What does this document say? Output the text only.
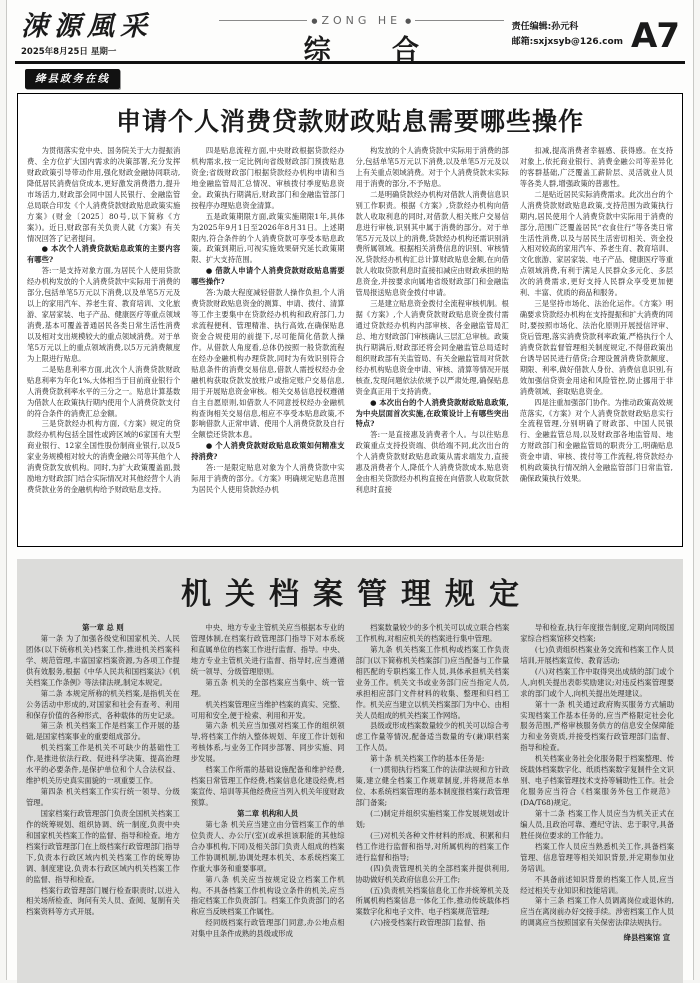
涑源風采
2025年8月25日 星期一
● ZONG HE ●
综 合
责任编辑:孙元科
邮箱:sxjxsyb@126.com A7
绛县政务在线
申请个人消费贷款财政贴息需要哪些操作

为贯彻落实党中央、国务院关于大力提振消费、全方位扩大国内需求的决策部署,充分发挥财政政策引导带动作用,强化财政金融协同联动,降低居民消费信贷成本,更好激发消费潜力,提升市场活力,财政部会同中国人民银行、金融监管总局联合印发《个人消费贷款财政贴息政策实施方案》(财金〔2025〕80号,以下简称《方案》)。近日,财政部有关负责人就《方案》有关情况回答了记者提问。

● 本次个人消费贷款贴息政策的主要内容有哪些?

答:一是支持对象方面,为居民个人使用贷款经办机构发放的个人消费贷款中实际用于消费的部分,包括单笔5万元以下消费,以及单笔5万元及以上的家用汽车、养老生育、教育培训、文化旅游、家居家装、电子产品、健康医疗等重点领域消费,基本可覆盖普通居民各类日常生活性消费以及相对支出规模较大的重点领域消费。对于单笔5万元以上的重点领域消费,以5万元消费额度为上限进行贴息。

二是贴息利率方面,此次个人消费贷款财政贴息利率为年化1%,大体相当于目前商业银行个人消费贷款利率水平的三分之一。贴息计算基数为借款人在政策执行期内使用个人消费贷款支付的符合条件的消费汇总金额。

三是贷款经办机构方面,《方案》规定的贷款经办机构包括全国性或跨区域的6家国有大型商业银行、12家全国性股份制商业银行,以及5家业务规模相对较大的消费金融公司等其他个人消费贷款发放机构。同时,为扩大政策覆盖面,鼓励地方财政部门结合实际情况对其他经营个人消费贷款业务的金融机构给予财政贴息支持。

四是贴息流程方面,中央财政根据贷款经办机构需求,按一定比例向省级财政部门预拨贴息资金;省级财政部门根据贷款经办机构申请和当地金融监管局汇总情况、审核拨付季度贴息资金。政策执行期满后,财政部门和金融监管部门按程序办理贴息资金清算。

五是政策期限方面,政策实施期限1年,具体为2025年9月1日至2026年8月31日。上述期限内,符合条件的个人消费贷款可享受本贴息政策。政策到期后,可视实施效果研究延长政策期限、扩大支持范围。

● 借款人申请个人消费贷款财政贴息需要哪些操作?

答:为最大程度减轻借款人操作负担,个人消费贷款财政贴息资金的测算、申请、拨付、清算等工作主要集中在贷款经办机构和政府部门,力求流程便利、管理精准、执行高效,在确保贴息资金合规使用的前提下,尽可能简化借款人操作。从借款人角度看,总体仍按照一般贷款流程在经办金融机构办理贷款,同时为有效识别符合贴息条件的消费交易信息,借款人需授权经办金融机构获取贷款发放账户或指定账户交易信息,用于开展贴息资金审核。相关交易信息授权遵循自主自愿原则,如借款人不同意授权经办金融机构查询相关交易信息,相应不享受本贴息政策,不影响借款人正常申请、使用个人消费贷款及自行全额偿还贷款本息。

● 个人消费贷款财政贴息政策如何精准支持消费?

答:一是限定贴息对象为个人消费贷款中实际用于消费的部分。《方案》明确规定贴息范围为居民个人使用贷款经办机

构发放的个人消费贷款中实际用于消费的部分,包括单笔5万元以下消费,以及单笔5万元及以上有关重点领域消费。对于个人消费贷款未实际用于消费的部分,不予贴息。

二是明确贷款经办机构对借款人消费信息识别工作职责。根据《方案》,贷款经办机构向借款人收取利息的同时,对借款人相关账户交易信息进行审核,识别其中属于消费的部分。对于单笔5万元及以上的消费,贷款经办机构还需识别消费所属领域。根据相关消费信息的识别、审核情况,贷款经办机构汇总计算财政贴息金额,在向借款人收取贷款利息时直接扣减应由财政承担的贴息资金,并按要求向属地省级财政部门和金融监管局报送贴息资金拨付申请。

三是建立贴息资金拨付全流程审核机制。根据《方案》,个人消费贷款财政贴息资金拨付需通过贷款经办机构内部审核、各金融监管局汇总、地方财政部门审核确认三层汇总审核。政策执行期满后,财政部还将会同金融监管总局适时组织财政部有关监管局、有关金融监管局对贷款经办机构贴息资金申请、审核、清算等情况开展核查,发现问题依法依规予以严肃处理,确保贴息资金真正用于支持消费。

● 本次出台的个人消费贷款财政贴息政策,为中央层面首次实施,在政策设计上有哪些突出特点?

答:一是直接惠及消费者个人。与以往贴息政策重点支持投资端、供给端不同,此次出台的个人消费贷款财政贴息政策从需求端发力,直接惠及消费者个人,降低个人消费贷款成本,贴息资金由相关贷款经办机构直接在向借款人收取贷款利息时直接

扣减,提高消费者幸福感、获得感。在支持对象上,依托商业银行、消费金融公司等差异化的客群基础,广泛覆盖工薪阶层、灵活就业人员等各类人群,增强政策的普惠性。

二是贴近居民实际消费需求。此次出台的个人消费贷款财政贴息政策,支持范围为政策执行期内,居民使用个人消费贷款中实际用于消费的部分,范围广泛覆盖居民“衣食住行”等各类日常生活性消费,以及与居民生活密切相关、资金投入相对较高的家用汽车、养老生育、教育培训、文化旅游、家居家装、电子产品、健康医疗等重点领域消费,有利于满足人民群众多元化、多层次的消费需求,更好支持人民群众享受更加便利、丰富、优质的商品和服务。

三是坚持市场化、法治化运作。《方案》明确要求贷款经办机构在支持提振和扩大消费的同时,要按照市场化、法治化原则开展授信评审、贷后管理,落实消费贷款利率政策,严格执行个人消费贷款监督管理相关制度规定,不得借政策出台诱导居民进行借贷;合理设置消费贷款额度、期限、利率,做好借款人身份、消费信息识别,有效加强信贷资金用途和风险管控,防止挪用于非消费领域、套取贴息资金。

四是注重加强部门协作。为推动政策高效规范落实,《方案》对个人消费贷款财政贴息实行全流程管理,分别明确了财政部、中国人民银行、金融监管总局,以及财政部各地监管局、地方财政部门和金融监管局的职责分工,明确贴息资金申请、审核、拨付等工作流程,将贷款经办机构政策执行情况纳入金融监管部门日常监管,确保政策执行效果。

机关档案管理规定

第一章 总 则

第一条 为了加强各级党和国家机关、人民团体(以下统称机关)档案工作,推进机关档案科学、规范管理,丰富国家档案资源,为各项工作提供有效服务,根据《中华人民共和国档案法》《机关档案工作条例》等法律法规,制定本规定。

第二条 本规定所称的机关档案,是指机关在公务活动中形成的,对国家和社会有查考、利用和保存价值的各种形式、各种载体的历史记录。

第三条 机关档案工作是档案工作开展的基础,是国家档案事业的重要组成部分。

机关档案工作是机关不可缺少的基础性工作,是推进依法行政、促进科学决策、提高治理水平的必要条件,是保护单位和个人合法权益、维护机关历史真实面貌的一项重要工作。

第四条 机关档案工作实行统一领导、分级管理。

国家档案行政管理部门负责全国机关档案工作的统筹规划、组织协调、统一制度,负责中央和国家机关档案工作的监督、指导和检查。地方档案行政管理部门在上级档案行政管理部门指导下,负责本行政区域内机关档案工作的统筹协调、制度建设,负责本行政区域内机关档案工作的监督、指导和检查。

档案行政管理部门履行检查职责时,以进入相关场所检查、询问有关人员、查阅、复制有关档案资料等方式开展。

中央、地方专业主管机关应当根据本专业的管理体制,在档案行政管理部门指导下对本系统和直属单位的档案工作进行监督、指导。中央、地方专业主管机关进行监督、指导时,应当遵循统一领导、分级管理原则。

第五条 机关的全部档案应当集中、统一管理。

机关档案管理应当维护档案的真实、完整、可用和安全,便于检索、利用和开发。

第六条 机关应当加强对档案工作的组织领导,将档案工作纳入整体规划、年度工作计划和考核体系,与业务工作同步部署、同步实施、同步发展。

档案工作所需的基础设施配备和维护经费,档案日常管理工作经费,档案信息化建设经费,档案宣传、培训等其他经费应当列入机关年度财政预算。

第二章 机构和人员

第七条 机关应当建立由分管档案工作的单位负责人、办公厅(室)(或承担该职能的其他综合办事机构,下同)及相关部门负责人组成的档案工作协调机制,协调处理本机关、本系统档案工作重大事务和重要事项。

第八条 机关应当按规定设立档案工作机构。不具备档案工作机构设立条件的机关,应当指定档案工作负责部门。档案工作负责部门的名称应当反映档案工作属性。

经同级档案行政管理部门同意,办公地点相对集中且条件成熟的县级或形成

档案数量较少的多个机关可以成立联合档案工作机构,对相应机关的档案进行集中管理。

第九条 机关档案工作机构或档案工作负责部门(以下简称机关档案部门)应当配备与工作量相匹配的专职档案工作人员,具体承担机关档案业务工作。机关文书或业务部门应当指定人员,承担相应部门文件材料的收集、整理和归档工作。机关应当建立以机关档案部门为中心、由相关人员组成的机关档案工作网络。

县级或形成档案数量较少的机关可以综合考虑工作量等情况,配备适当数量的专(兼)职档案工作人员。

第十条 机关档案工作的基本任务是:

(一)贯彻执行档案工作的法律法规和方针政策,建立健全档案工作规章制度,并将规范本单位、本系统档案管理的基本制度报档案行政管理部门备案;

(二)制定并组织实施档案工作发展规划或计划;

(三)对机关各种文件材料的形成、积累和归档工作进行监督和指导,对所属机构的档案工作进行监督和指导;

(四)负责管理机关的全部档案并提供利用,协助做好机关政府信息公开工作;

(五)负责机关档案信息化工作并统筹机关及所属机构档案信息一体化工作,推动传统载体档案数字化和电子文件、电子档案规范管理;

(六)接受档案行政管理部门监督、指

导和检查,执行年度报告制度,定期向同级国家综合档案馆移交档案;

(七)负责组织档案业务交流和档案工作人员培训,开展档案宣传、教育活动;

(八)对档案工作中取得突出成绩的部门或个人,向机关提出表彰奖励建议;对违反档案管理要求的部门或个人,向机关提出处理建议。

第十一条 机关通过政府购买服务方式辅助实现档案工作基本任务的,应当严格限定社会化服务范围,严格审核服务供方的信息安全保障能力和业务资质,并接受档案行政管理部门监督、指导和检查。

机关档案业务社会化服务限于档案整理、传统载体档案数字化、纸质档案数字复制件全文识别、电子档案管理技术支持等辅助性工作。社会化服务应当符合《档案服务外包工作规范》(DA/T68)规定。

第十二条 档案工作人员应当为机关正式在编人员,且政治可靠、遵纪守法、忠于职守,具备胜任岗位要求的工作能力。

档案工作人员应当熟悉机关工作,具备档案管理、信息管理等相关知识背景,并定期参加业务培训。

不具备前述知识背景的档案工作人员,应当经过相关专业知识和技能培训。

第十三条 档案工作人员调离岗位或退休的,应当在离岗前办好交接手续。涉密档案工作人员的调离应当按照国家有关保密法律法规执行。

绛县档案馆 宣
